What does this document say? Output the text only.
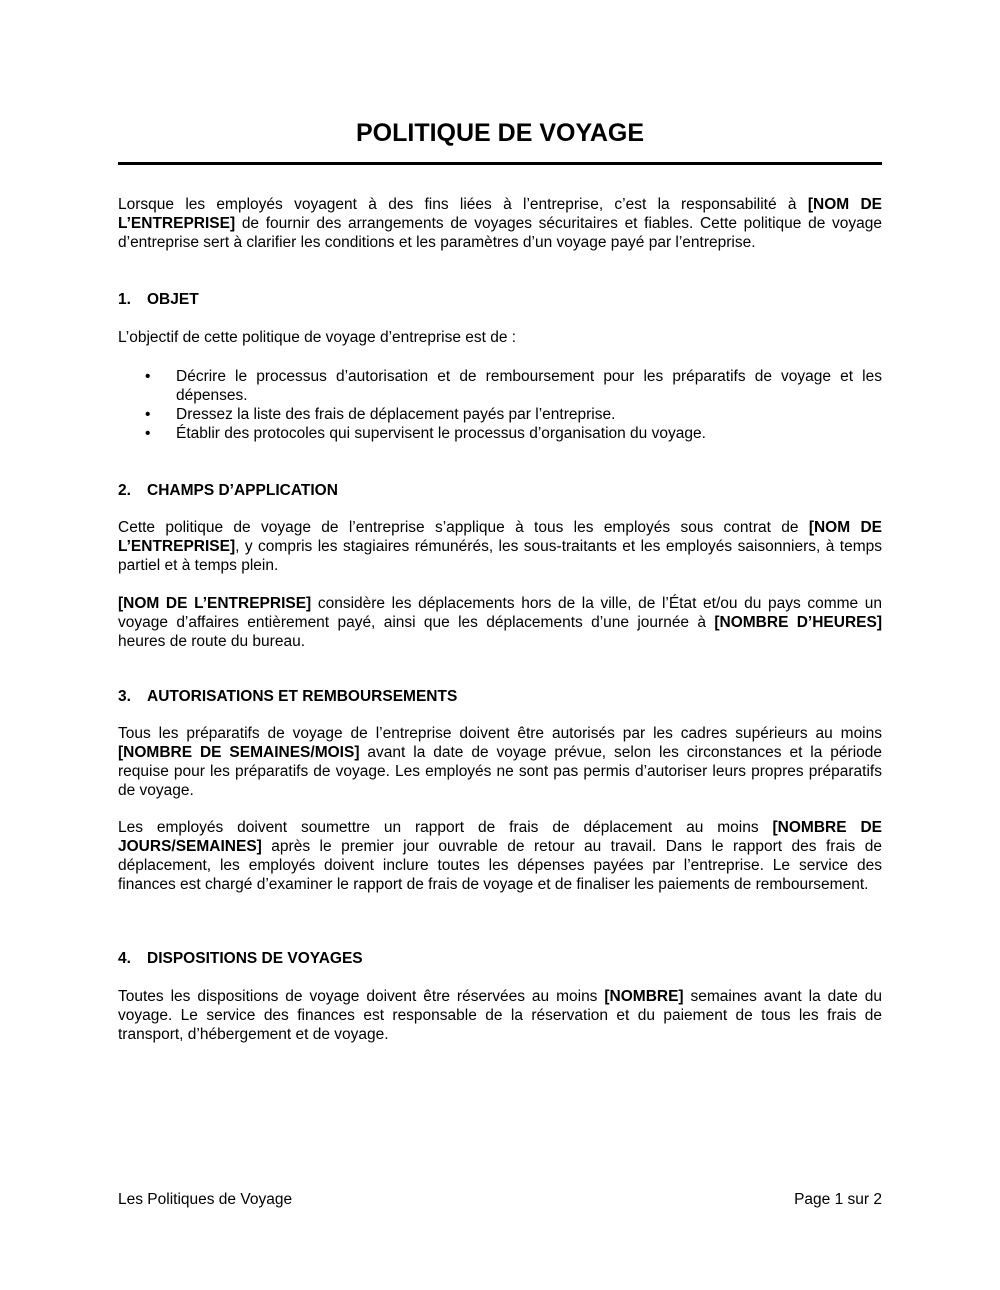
POLITIQUE DE VOYAGE

Lorsque les employés voyagent à des fins liées à l’entreprise, c’est la responsabilité à [NOM DE L’ENTREPRISE] de fournir des arrangements de voyages sécuritaires et fiables. Cette politique de voyage d’entreprise sert à clarifier les conditions et les paramètres d’un voyage payé par l’entreprise.

1. OBJET

L’objectif de cette politique de voyage d’entreprise est de :

• Décrire le processus d’autorisation et de remboursement pour les préparatifs de voyage et les dépenses.
• Dressez la liste des frais de déplacement payés par l’entreprise.
• Établir des protocoles qui supervisent le processus d’organisation du voyage.

2. CHAMPS D’APPLICATION

Cette politique de voyage de l’entreprise s’applique à tous les employés sous contrat de [NOM DE L’ENTREPRISE], y compris les stagiaires rémunérés, les sous-traitants et les employés saisonniers, à temps partiel et à temps plein.

[NOM DE L’ENTREPRISE] considère les déplacements hors de la ville, de l’État et/ou du pays comme un voyage d’affaires entièrement payé, ainsi que les déplacements d’une journée à [NOMBRE D’HEURES] heures de route du bureau.

3. AUTORISATIONS ET REMBOURSEMENTS

Tous les préparatifs de voyage de l’entreprise doivent être autorisés par les cadres supérieurs au moins [NOMBRE DE SEMAINES/MOIS] avant la date de voyage prévue, selon les circonstances et la période requise pour les préparatifs de voyage. Les employés ne sont pas permis d’autoriser leurs propres préparatifs de voyage.

Les employés doivent soumettre un rapport de frais de déplacement au moins [NOMBRE DE JOURS/SEMAINES] après le premier jour ouvrable de retour au travail. Dans le rapport des frais de déplacement, les employés doivent inclure toutes les dépenses payées par l’entreprise. Le service des finances est chargé d’examiner le rapport de frais de voyage et de finaliser les paiements de remboursement.

4. DISPOSITIONS DE VOYAGES

Toutes les dispositions de voyage doivent être réservées au moins [NOMBRE] semaines avant la date du voyage. Le service des finances est responsable de la réservation et du paiement de tous les frais de transport, d’hébergement et de voyage.

Les Politiques de Voyage	Page 1 sur 2
